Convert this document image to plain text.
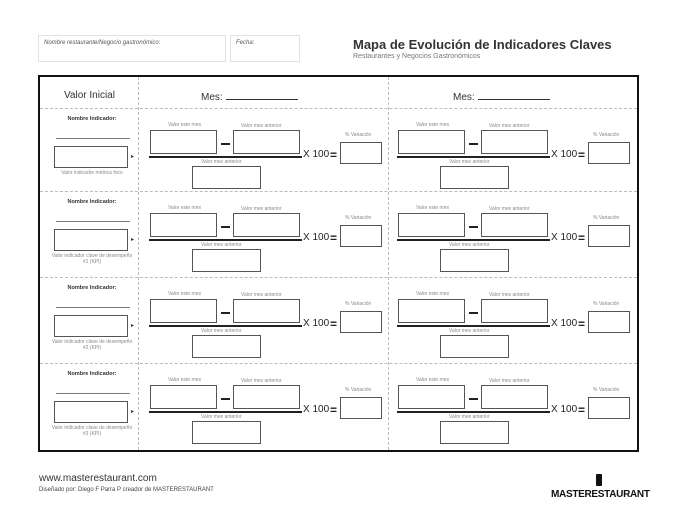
Nombre restaurante/Negocio gastronómico:	Fecha:	Mapa de Evolución de Indicadores Claves
Restaurantes y Negocios Gastronómicos
Valor Inicial	Mes:	Mes:
Nombre Indicador:
▸
Valor indicador métrica foco
Valor este mes	Valor mes anterior
X 100 =
Valor mes anterior
% Variación
Valor este mes	Valor mes anterior
X 100 =
Valor mes anterior
% Variación
Nombre Indicador:
▸
Valor indicador clave de desempeño #1 (KPI)
Valor este mes	Valor mes anterior
X 100 =
Valor mes anterior
% Variación
Valor este mes	Valor mes anterior
X 100 =
Valor mes anterior
% Variación
Nombre Indicador:
▸
Valor indicador clave de desempeño #2 (KPI)
Valor este mes	Valor mes anterior
X 100 =
Valor mes anterior
% Variación
Valor este mes	Valor mes anterior
X 100 =
Valor mes anterior
% Variación
Nombre Indicador:
▸
Valor indicador clave de desempeño #3 (KPI)
Valor este mes	Valor mes anterior
X 100 =
Valor mes anterior
% Variación
Valor este mes	Valor mes anterior
X 100 =
Valor mes anterior
% Variación
www.masterestaurant.com
Diseñado por: Diego F Parra P creador de MASTERESTAURANT	MASTERESTAURANT
